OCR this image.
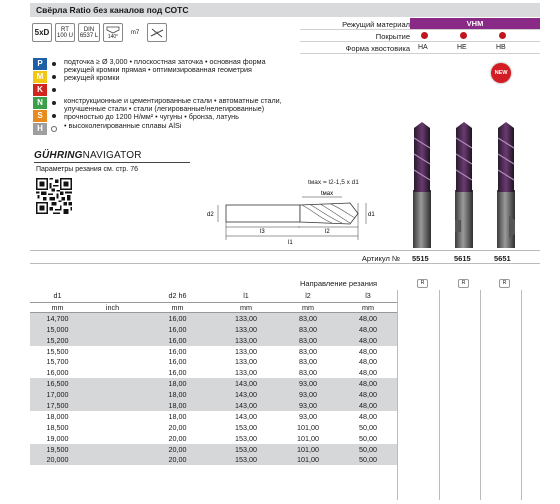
Свёрла Ratio без каналов под СОТС
5xD	RT 100 U
DIN 6537 L	140°
m7
Режущий материал	VHM
Покрытие
Форма хвостовика HA	HE	HB
NEW
P
M
K
N
S
H
подточка ≥ Ø 3,000 • плоскостная заточка • основная форма
режущей кромки прямая • оптимизированная геометрия
режущей кромки
конструкционные и цементированные стали • автоматные стали,
улучшенные стали • стали (легированные/нелегированные)
прочностью до 1200 Н/мм² • чугуны • бронза, латунь
• высоколегированные сплавы AlSi
GÜHRINGNAVIGATOR
Параметры резания см. стр. 76
tмах = l2-1,5 x d1
tмах
d2	d1
l3	l2
l1
Артикул № 5515	5615	5651
Направление резания	R	R	R
d1		d2 h6	l1	l2	l3
mm	inch	mm	mm	mm	mm
14,700		16,00	133,00	83,00	48,00
15,000		16,00	133,00	83,00	48,00
15,200		16,00	133,00	83,00	48,00
15,500		16,00	133,00	83,00	48,00
15,700		16,00	133,00	83,00	48,00
16,000		16,00	133,00	83,00	48,00
16,500		18,00	143,00	93,00	48,00
17,000		18,00	143,00	93,00	48,00
17,500		18,00	143,00	93,00	48,00
18,000		18,00	143,00	93,00	48,00
18,500		20,00	153,00	101,00	50,00
19,000		20,00	153,00	101,00	50,00
19,500		20,00	153,00	101,00	50,00
20,000		20,00	153,00	101,00	50,00
